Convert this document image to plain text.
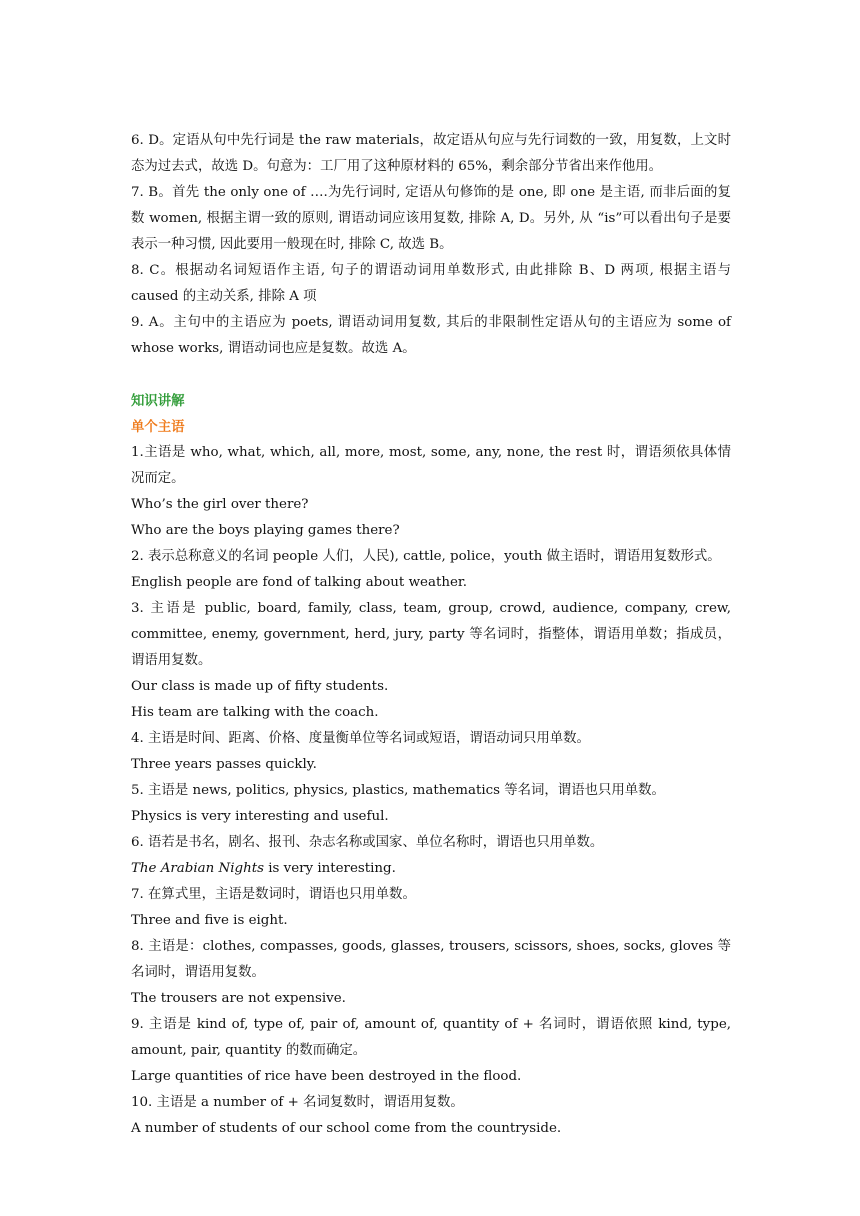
6. D。定语从句中先行词是 the raw materials，故定语从句应与先行词数的一致，用复数，上文时态为过去式，故选 D。句意为：工厂用了这种原材料的 65%，剩余部分节省出来作他用。

7. B。首先 the only one of ….为先行词时, 定语从句修饰的是 one, 即 one 是主语, 而非后面的复数 women, 根据主谓一致的原则, 谓语动词应该用复数, 排除 A, D。另外, 从 “is”可以看出句子是要表示一种习惯, 因此要用一般现在时, 排除 C, 故选 B。

8. C。根据动名词短语作主语, 句子的谓语动词用单数形式, 由此排除 B、D 两项, 根据主语与 caused 的主动关系, 排除 A 项

9. A。主句中的主语应为 poets, 谓语动词用复数, 其后的非限制性定语从句的主语应为 some of whose works, 谓语动词也应是复数。故选 A。

知识讲解

单个主语

1.主语是 who, what, which, all, more, most, some, any, none, the rest 时，谓语须依具体情况而定。

Who’s the girl over there?

Who are the boys playing games there?

2. 表示总称意义的名词 people 人们，人民), cattle, police，youth 做主语时，谓语用复数形式。

English people are fond of talking about weather.

3. 主语是 public, board, family, class, team, group, crowd, audience, company, crew, committee, enemy, government, herd, jury, party 等名词时，指整体，谓语用单数；指成员，谓语用复数。

Our class is made up of fifty students.

His team are talking with the coach.

4. 主语是时间、距离、价格、度量衡单位等名词或短语，谓语动词只用单数。

Three years passes quickly.

5. 主语是 news, politics, physics, plastics, mathematics 等名词，谓语也只用单数。

Physics is very interesting and useful.

6. 语若是书名，剧名、报刊、杂志名称或国家、单位名称时，谓语也只用单数。

The Arabian Nights is very interesting.

7. 在算式里，主语是数词时，谓语也只用单数。

Three and five is eight.

8. 主语是：clothes, compasses, goods, glasses, trousers, scissors, shoes, socks, gloves 等名词时，谓语用复数。

The trousers are not expensive.

9. 主语是 kind of, type of, pair of, amount of, quantity of + 名词时，谓语依照 kind, type, amount, pair, quantity 的数而确定。

Large quantities of rice have been destroyed in the flood.

10. 主语是 a number of + 名词复数时，谓语用复数。

A number of students of our school come from the countryside.
